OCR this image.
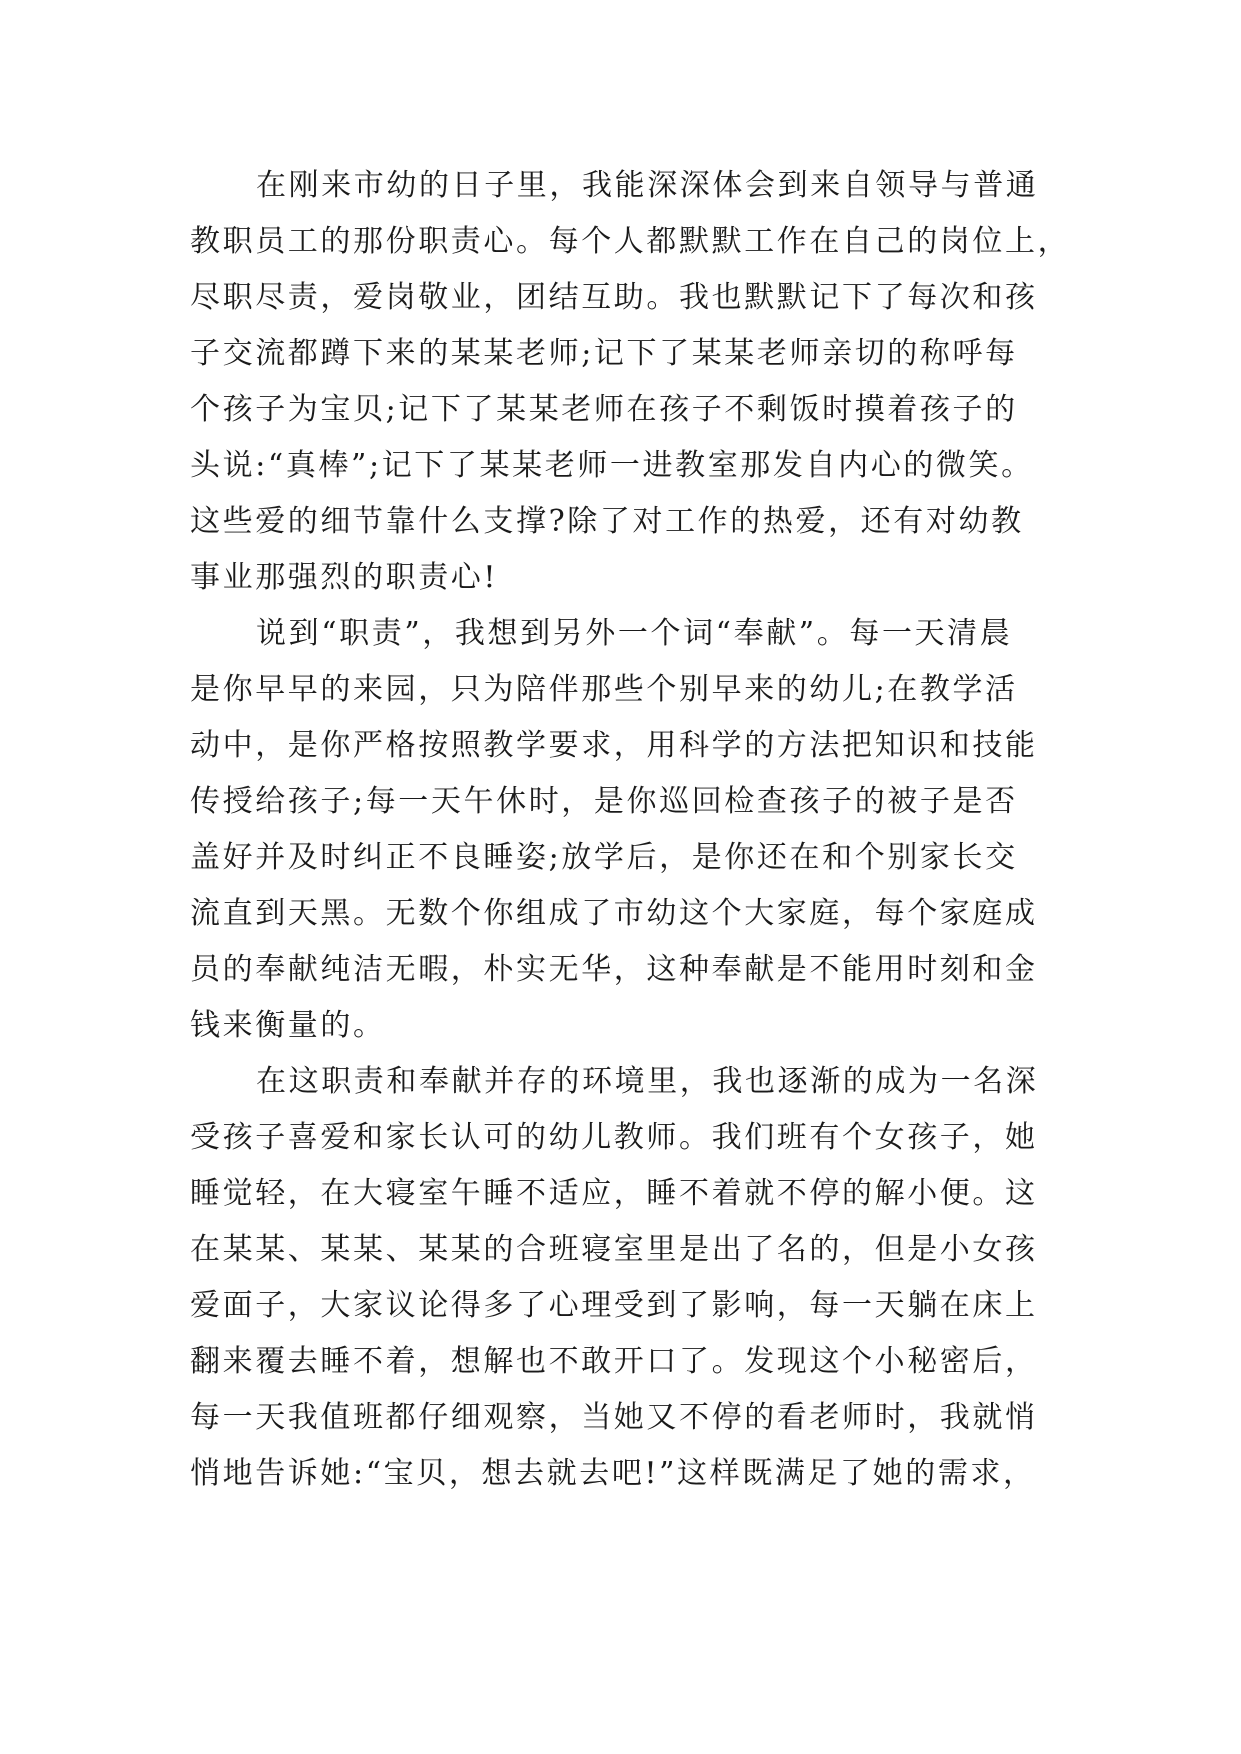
在刚来市幼的日子里，我能深深体会到来自领导与普通
教职员工的那份职责心。每个人都默默工作在自己的岗位上，
尽职尽责，爱岗敬业，团结互助。我也默默记下了每次和孩
子交流都蹲下来的某某老师;记下了某某老师亲切的称呼每
个孩子为宝贝;记下了某某老师在孩子不剩饭时摸着孩子的
头说:“真棒”;记下了某某老师一进教室那发自内心的微笑。
这些爱的细节靠什么支撑?除了对工作的热爱，还有对幼教
事业那强烈的职责心!
说到“职责”，我想到另外一个词“奉献”。每一天清晨
是你早早的来园，只为陪伴那些个别早来的幼儿;在教学活
动中，是你严格按照教学要求，用科学的方法把知识和技能
传授给孩子;每一天午休时，是你巡回检查孩子的被子是否
盖好并及时纠正不良睡姿;放学后，是你还在和个别家长交
流直到天黑。无数个你组成了市幼这个大家庭，每个家庭成
员的奉献纯洁无暇，朴实无华，这种奉献是不能用时刻和金
钱来衡量的。
在这职责和奉献并存的环境里，我也逐渐的成为一名深
受孩子喜爱和家长认可的幼儿教师。我们班有个女孩子，她
睡觉轻，在大寝室午睡不适应，睡不着就不停的解小便。这
在某某、某某、某某的合班寝室里是出了名的，但是小女孩
爱面子，大家议论得多了心理受到了影响，每一天躺在床上
翻来覆去睡不着，想解也不敢开口了。发现这个小秘密后，
每一天我值班都仔细观察，当她又不停的看老师时，我就悄
悄地告诉她:“宝贝，想去就去吧!”这样既满足了她的需求，
